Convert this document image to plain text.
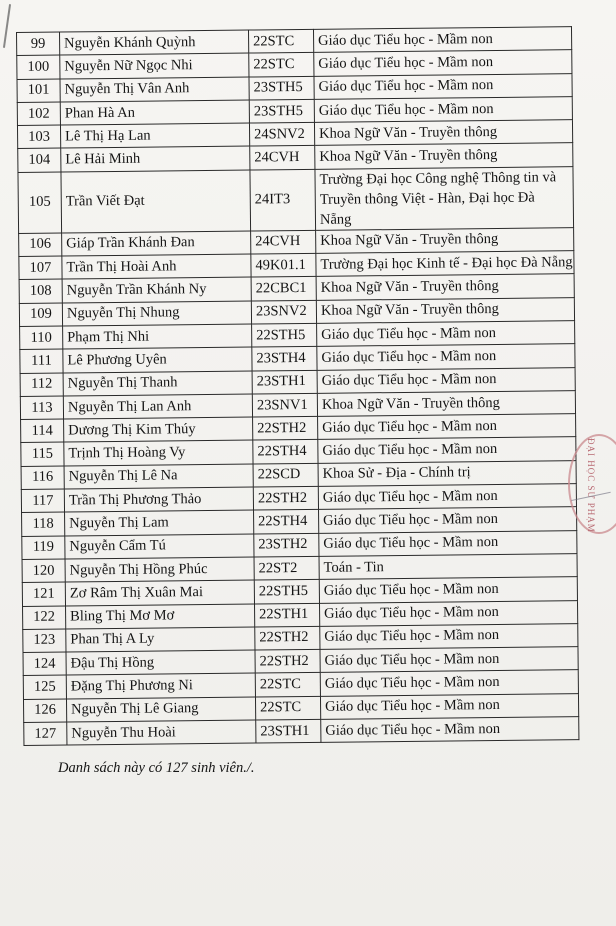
99	Nguyễn Khánh Quỳnh	22STC	Giáo dục Tiểu học - Mầm non
100	Nguyễn Nữ Ngọc Nhi	22STC	Giáo dục Tiểu học - Mầm non
101	Nguyễn Thị Vân Anh	23STH5	Giáo dục Tiểu học - Mầm non
102	Phan Hà An	23STH5	Giáo dục Tiểu học - Mầm non
103	Lê Thị Hạ Lan	24SNV2	Khoa Ngữ Văn - Truyền thông
104	Lê Hải Minh	24CVH	Khoa Ngữ Văn - Truyền thông
105	Trần Viết Đạt	24IT3	Trường Đại học Công nghệ Thông tin và Truyền thông Việt - Hàn, Đại học Đà Nẵng
106	Giáp Trần Khánh Đan	24CVH	Khoa Ngữ Văn - Truyền thông
107	Trần Thị Hoài Anh	49K01.1	Trường Đại học Kinh tế - Đại học Đà Nẵng
108	Nguyễn Trần Khánh Ny	22CBC1	Khoa Ngữ Văn - Truyền thông
109	Nguyễn Thị Nhung	23SNV2	Khoa Ngữ Văn - Truyền thông
110	Phạm Thị Nhi	22STH5	Giáo dục Tiểu học - Mầm non
111	Lê Phương Uyên	23STH4	Giáo dục Tiểu học - Mầm non
112	Nguyễn Thị Thanh	23STH1	Giáo dục Tiểu học - Mầm non
113	Nguyễn Thị Lan Anh	23SNV1	Khoa Ngữ Văn - Truyền thông
114	Dương Thị Kim Thúy	22STH2	Giáo dục Tiểu học - Mầm non
115	Trịnh Thị Hoàng Vy	22STH4	Giáo dục Tiểu học - Mầm non
116	Nguyễn Thị Lê Na	22SCD	Khoa Sử - Địa - Chính trị
117	Trần Thị Phương Thảo	22STH2	Giáo dục Tiểu học - Mầm non
118	Nguyễn Thị Lam	22STH4	Giáo dục Tiểu học - Mầm non
119	Nguyễn Cẩm Tú	23STH2	Giáo dục Tiểu học - Mầm non
120	Nguyễn Thị Hồng Phúc	22ST2	Toán - Tin
121	Zơ Râm Thị Xuân Mai	22STH5	Giáo dục Tiểu học - Mầm non
122	Bling Thị Mơ Mơ	22STH1	Giáo dục Tiểu học - Mầm non
123	Phan Thị A Ly	22STH2	Giáo dục Tiểu học - Mầm non
124	Đậu Thị Hồng	22STH2	Giáo dục Tiểu học - Mầm non
125	Đặng Thị Phương Ni	22STC	Giáo dục Tiểu học - Mầm non
126	Nguyễn Thị Lê Giang	22STC	Giáo dục Tiểu học - Mầm non
127	Nguyễn Thu Hoài	23STH1	Giáo dục Tiểu học - Mầm non
Danh sách này có 127 sinh viên./.
ĐẠI HỌC SƯ PHẠM
